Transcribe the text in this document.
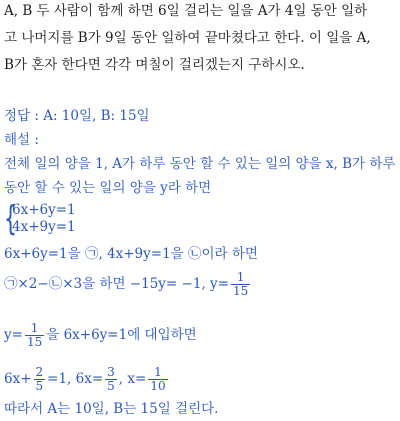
A, B 두 사람이 함께 하면 6일 걸리는 일을 A가 4일 동안 일하
고 나머지를 B가 9일 동안 일하여 끝마쳤다고 한다. 이 일을 A,
B가 혼자 한다면 각각 며칠이 걸리겠는지 구하시오.
정답 : A: 10일, B: 15일
해설 :
전체 일의 양을 1, A가 하루 동안 할 수 있는 일의 양을 x, B가 하루
동안 할 수 있는 일의 양을 y라 하면
{
6x+6y=1
4x+9y=1
6x+6y=1을 ㉠, 4x+9y=1을 ㉡이라 하면
㉠×2−㉡×3을 하면 −15y= −1, $y= \frac{1}{15}$
$y= \frac{1}{15}$ 을 6x+6y=1에 대입하면
$6x+ \frac{2}{5} =1$, $6x= \frac{3}{5}$ , $x= \frac{1}{10}$
따라서 A는 10일, B는 15일 걸린다.
